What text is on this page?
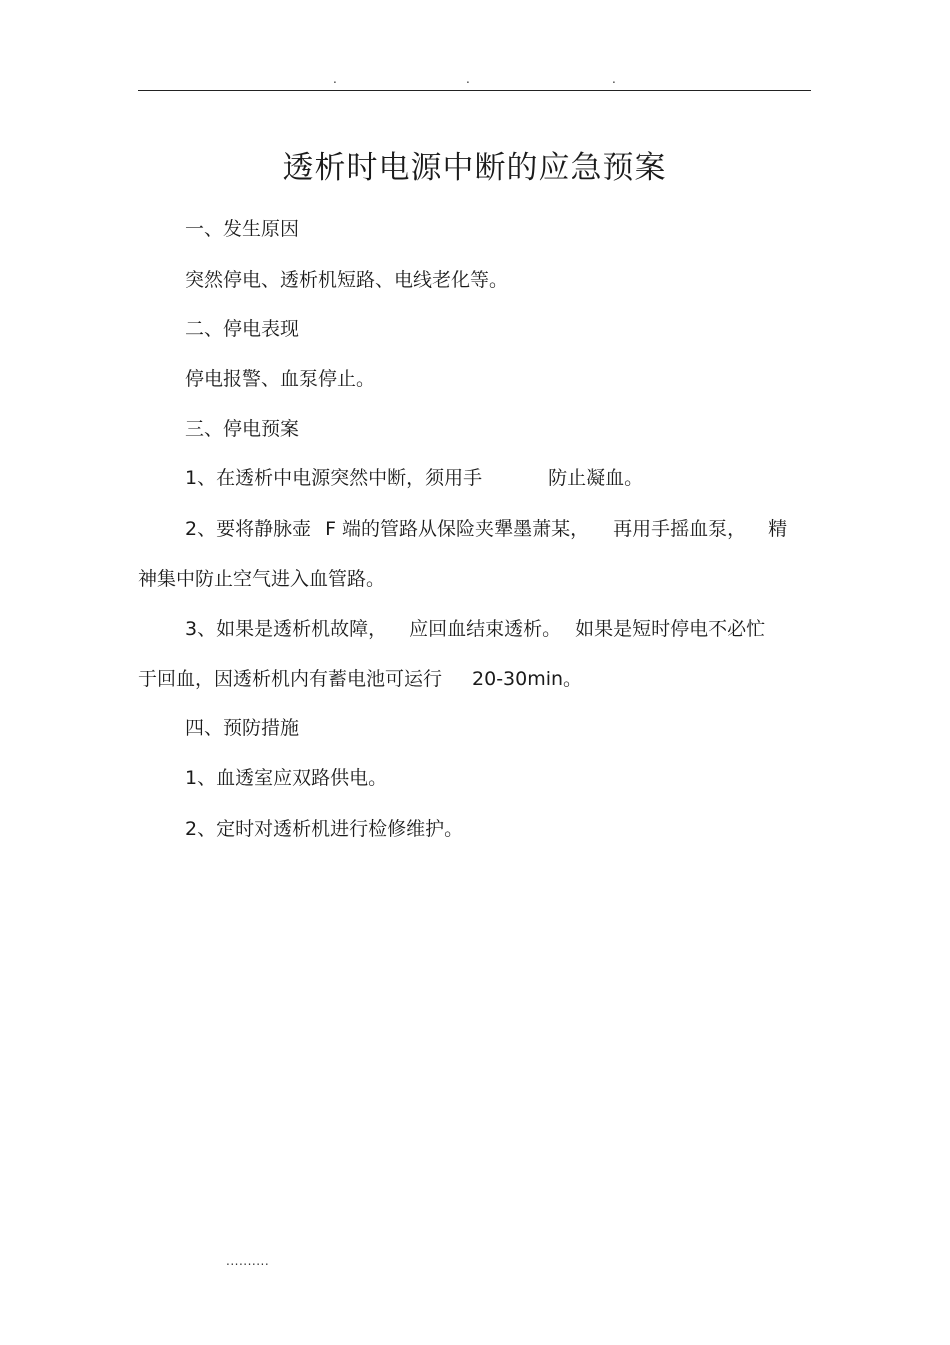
.	.	.
透析时电源中断的应急预案
一、发生原因
突然停电、透析机短路、电线老化等。
二、停电表现
停电报警、血泵停止。
三、停电预案
1、在透析中电源突然中断，须用手	防止凝血。
2、要将静脉壶 F 端的管路从保险夹犟墨萧某， 再用手摇血泵， 精
神集中防止空气进入血管路。
3、如果是透析机故障， 应回血结束透析。 如果是短时停电不必忙
于回血，因透析机内有蓄电池可运行 20-30min。
四、预防措施
1、血透室应双路供电。
2、定时对透析机进行检修维护。
..........
